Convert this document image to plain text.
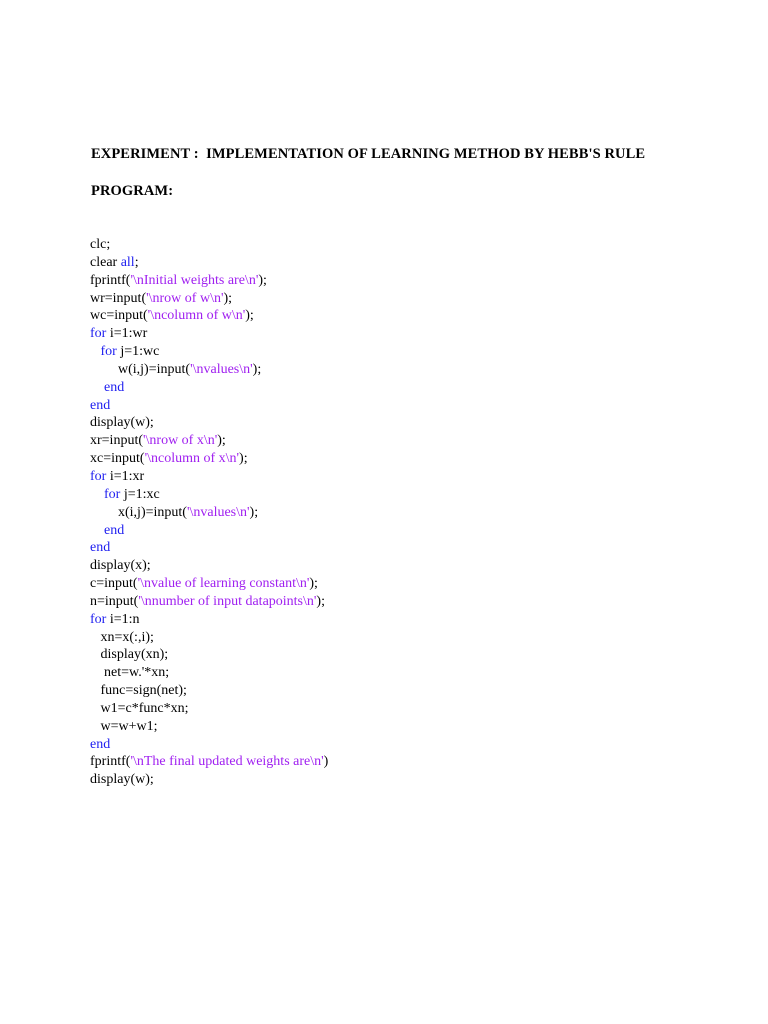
EXPERIMENT :  IMPLEMENTATION OF LEARNING METHOD BY HEBB'S RULE
PROGRAM:
clc;
clear all;
fprintf('\nInitial weights are\n');
wr=input('\nrow of w\n');
wc=input('\ncolumn of w\n');
for i=1:wr
for j=1:wc
w(i,j)=input('\nvalues\n');
end
end
display(w);
xr=input('\nrow of x\n');
xc=input('\ncolumn of x\n');
for i=1:xr
for j=1:xc
x(i,j)=input('\nvalues\n');
end
end
display(x);
c=input('\nvalue of learning constant\n');
n=input('\nnumber of input datapoints\n');
for i=1:n
xn=x(:,i);
display(xn);
net=w.'*xn;
func=sign(net);
w1=c*func*xn;
w=w+w1;
end
fprintf('\nThe final updated weights are\n')
display(w);
